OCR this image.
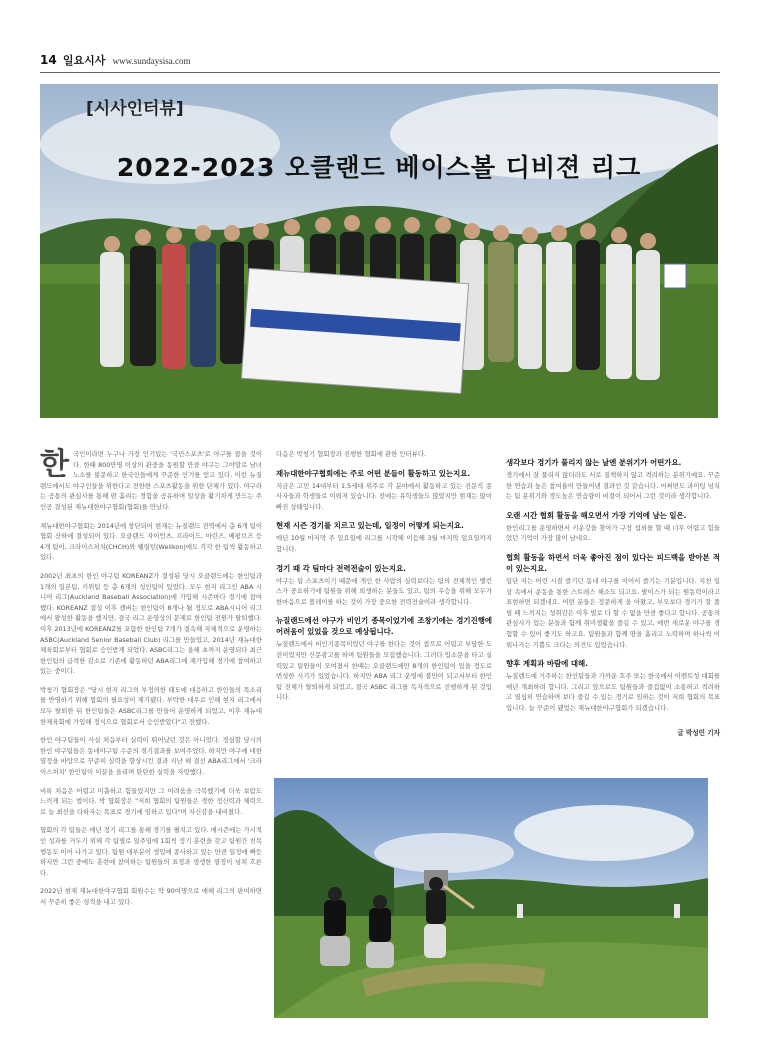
14 일요시사 www.sundaysisa.com
[시사인터뷰]
2022-2023 오클랜드 베이스볼 디비젼 리그

한국인이라면 누구나 가장 인기있는 '국민스포츠'로 야구를 꼽을 것이다. 한때 800만명 이상의 관중을 동원할 만큼 야구는 그야말로 남녀노소를 불문하고 한국인들에게 꾸준한 인기를 얻고 있다. 이런 뉴질랜드에서도 야구인들을 위한다고 전한한 스포츠활동을 위한 단체가 있다. 야구라는 공통의 관심사를 통해 땀 흘리는 경험을 공유하며 일상을 활기차게 만드는 주인공 결성된 재뉴대한야구협회(협회)를 만났다.

재뉴대한야구협회는 2014년에 창단되어 현재는 뉴질랜드 전역에서 총 6개 팀이 협회 산하에 결성되어 있다. 오클랜드 자이언츠, 프라이드, 마린즈, 베팡브즈 등 4개 팀이, 크라이스처치(CHCH)와 웰링턴(Wellkon)에도 각각 한 팀씩 활동하고 있다.

2002년 최초의 한인 야구팀 KOREANZ가 결성된 당시 오클랜드에는 한인팀과 1개의 일본팀, 키위팀 등 총 6개의 성인팀이 있었다. 모두 현지 리그인 ABA 시니어 리그(Auckland Baseball Association)에 가입해 시즌마다 경기에 참여했다. KOREANZ 결성 이후 캔버는 한인팀이 8개나 될 정도로 ABA시니어 리그에서 왕성한 활동을 했지만, 결국 리그 운영상의 문제로 한인팀 전원가 탈퇴했다. 이후 2013년에 KOREANZ를 포함한 한인팀 7개가 결속해 자체적으로 운영하는 ASBC(Auckland Senior Baseball Club) 리그를 만들었고, 2014년 재뉴대한체육회로부터 협회로 승인받게 되었다. ASBC리그는 올해 초까지 운영되다 최근 한인팀의 급격한 감소로 기존에 활동하던 ABA리그에 재가입해 경기에 참여하고 있는 중이다.

박청기 협회장은 "당시 현지 리그의 부정의한 태도에 대응하고 한인들의 목소리를 반영하기 위해 협회의 필요성이 제기됐다. 부탁한 대우로 인해 현지 리그에서 모두 탈퇴한 뒤 한인팀들은 ASBC리그를 만들어 운영하게 되었고, 이후 재뉴대한체육회에 가입해 정식으로 협회로서 승인받았다"고 전했다.

한인 야구팀들이 사실 처음부터 실력이 뛰어났던 것은 아니었다. 정심할 당시의 한인 야구팀들은 동네야구팀 수준의 경기결과를 보여주었다. 하지만 야구에 대한 열정을 바탕으로 꾸준히 실력을 향상시킨 결과 지난 해 결선 ABA리그에서 '크라이스처치' 한인팀이 이끌을 올리며 탄탄한 실력을 자랑했다.

비록 처음은 어렵고 미흡하고 힘들었지만 그 어려움을 극복했기에 더욱 보람도 느끼게 되는 법이다. 박 협회장은 "저희 협회의 팀원들은 경한 정신력과 체력으로 늘 최선을 다하자는 목표로 경기에 임하고 있다"며 자신감을 내비쳤다.

협회의 각 팀들은 매년 정기 리그를 통해 경기를 펼치고 있다. 매시즌에는 가시적인 성과를 거두기 위해 각 팀별로 일주일에 1회씩 정기 훈련을 갖고 팀원간 친목행동도 이어 나가고 있다. 팀원 대부분이 생업에 종사하고 있는 만큼 일정에 빠듯하지만 그런 중에도 훈련에 참여하는 팀원들의 표정과 생생한 열정이 넘쳐 흐른다.

2022년 현재 재뉴대한야구협회 회원수는 약 90여명으로 매해 리그의 판여하면서 꾸준히 좋은 성적을 내고 있다.

다음은 박청기 협회장과 진행한 협회에 관한 인터뷰다.

재뉴대한야구협회에는 주로 어떤 분들이 활동하고 있는지요.

지금은 고민 14대부터 1.5세대 위주로 각 분야에서 활동하고 있는 전문직 종사자들과 학생들로 이뤄져 있습니다. 전에는 유학생들도 많았지만 현재는 많이 빠진 상태입니다.

현재 시즌 경기를 치르고 있는데, 일정이 어떻게 되는지요.

매년 10월 마지막 주 일요일에 리그를 시작해 이듬해 3월 마지막 일요일까지 합니다.

경기 때 각 팀마다 전력전술이 있는지요.

야구는 팀 스포츠이기 때문에 개인 한 사람의 실력보다는 팀의 전체적인 밸런스가 중요하기에 팀원들 위해 희생하는 분들도 있고, 팀의 우승을 위해 모두가 한마음으로 플레이를 하는 것이 가장 중요한 전력전술이라 생각합니다.

뉴질랜드에선 야구가 비인기 종목이었기에 조창기에는 경기진행에 어려움이 있었을 것으로 예상됩니다.

뉴질랜드에서 비인기종목이었던 야구를 한다는 것이 참으로 어렵고 부담한 도전이었지만 신문광고를 하며 팀원들을 모집했습니다. 그러다 입소문을 타고 실력있고 팀원들이 모여졌서 한때는 오클랜드에만 8개의 한인팀이 있을 정도로 번성한 시기가 있었습니다. 하지만 ABA 리그 운영에 불만이 되고서부터 한인팀 전체가 탈퇴하게 되었고, 결국 ASBC 리그를 독자적으로 진행하게 된 것입니다.

생각보다 경기가 풀리지 않는 날엔 분위기가 어떤가요.

경기에서 잘 풀리지 않더라도 서로 질책하지 않고 격려하는 분위기예요. 꾸준한 연습과 높은 참여율이 만들어낸 결과인 것 같습니다. 어쩌면도 과이팅 넘치는 팀 분위기와 경도높은 연습량이 비결이 되어서 그런 것이라 생각합니다.

오랜 시간 협회 활동을 해오면서 가장 기억에 남는 일은.

한인리그를 운영하면서 키운강을 찾아가 구장 섭외를 할 때 너무 어렵고 힘들었던 기억이 가장 많이 남네요.

협회 활동을 하면서 더욱 좋아진 점이 있다는 피드백을 받아본 적이 있는지요.

일단 저는 어린 시절 즐기던 동네 야구를 이어서 즐기는 기분입니다. 지친 일상 속에서 운동을 통한 스트레스 해소도 되고요. 팔이스가 되는 원동력이라고 표현하면 되겠네요. 어떤 분들은 정문하게 올 아왔고, 부모보다 경기가 잘 풀릴 때 느끼지는 성취감은 이후 벌로 다 할 수 없을 만큼 좋다고 합니다. 공통의 관심사가 있는 분들과 함께 취미생활을 즐길 수 있고, 매번 새로운 야구를 경험할 수 있어 좋기도 하고요. 팀원들과 함께 땀을 흘리고 노력하며 하나씩 이뤄나가는 기쁨도 크다는 의견도 있었습니다.

향후 계획과 바람에 대해.

뉴질랜드에 거주하는 한인팀들과 가까운 호주 또는 한국에서 이벤트성 대회를 매년 개최하려 합니다. 그리고 앞으로도 팀원들과 즐겁없이 소통하고 격려하고 열심히 연습하며 보다 즐길 수 있는 경기로 임하는 것이 저희 협회의 목표입니다. 늘 꾸준이 됐었는 재뉴대한야구협회가 되겠습니다.

글 박성민 기자
